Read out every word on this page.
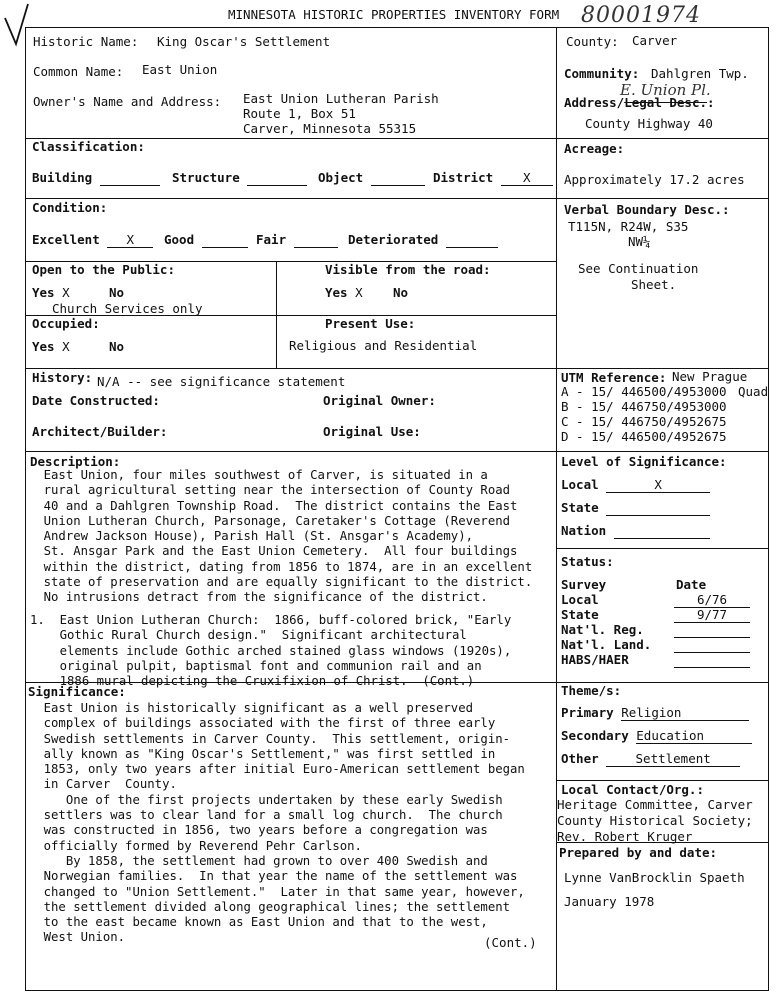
MINNESOTA HISTORIC PROPERTIES INVENTORY FORM 80001974
Historic Name: King Oscar's Settlement
Common Name: East Union
Owner's Name and Address: East Union Lutheran Parish
Route 1, Box 51
Carver, Minnesota 55315
County: Carver
Community: Dahlgren Twp.
E. Union Pl.
Address/Legal Desc.:
County Highway 40
Classification:
Building	Structure	Object	District X
Acreage:
Approximately 17.2 acres
Condition:
Excellent X	Good	Fair	Deteriorated
Verbal Boundary Desc.:
T115N, R24W, S35
NW¼
See Continuation
Sheet.
Open to the Public:
Yes X	No
Church Services only
Visible from the road:
Yes X No
Occupied:
Yes X	No
Present Use:
Religious and Residential
History: N/A -- see significance statement
Date Constructed:	Original Owner:
Architect/Builder:	Original Use:
UTM Reference: New Prague
Quad
A - 15/ 446500/4953000
B - 15/ 446750/4953000
C - 15/ 446750/4952675
D - 15/ 446500/4952675
Description:
East Union, four miles southwest of Carver, is situated in a
rural agricultural setting near the intersection of County Road
40 and a Dahlgren Township Road.  The district contains the East
Union Lutheran Church, Parsonage, Caretaker's Cottage (Reverend
Andrew Jackson House), Parish Hall (St. Ansgar's Academy),
St. Ansgar Park and the East Union Cemetery.  All four buildings
within the district, dating from 1856 to 1874, are in an excellent
state of preservation and are equally significant to the district.
No intrusions detract from the significance of the district.
1.  East Union Lutheran Church:  1866, buff-colored brick, "Early
Gothic Rural Church design."  Significant architectural
elements include Gothic arched stained glass windows (1920s),
original pulpit, baptismal font and communion rail and an
1886 mural depicting the Cruxifixion of Christ.  (Cont.)
Level of Significance:
Local	X
State
Nation
Status:
Survey	Date
Local	6/76
State	9/77
Nat'l. Reg.

Nat'l. Land.

HABS/HAER

Significance:
East Union is historically significant as a well preserved
complex of buildings associated with the first of three early
Swedish settlements in Carver County.  This settlement, origin-
ally known as "King Oscar's Settlement," was first settled in
1853, only two years after initial Euro-American settlement began
in Carver  County.
One of the first projects undertaken by these early Swedish
settlers was to clear land for a small log church.  The church
was constructed in 1856, two years before a congregation was
officially formed by Reverend Pehr Carlson.
By 1858, the settlement had grown to over 400 Swedish and
Norwegian families.  In that year the name of the settlement was
changed to "Union Settlement."  Later in that same year, however,
the settlement divided along geographical lines; the settlement
to the east became known as East Union and that to the west,
West Union.	(Cont.)
Theme/s:
Primary Religion
Secondary Education
Other	Settlement
Local Contact/Org.:
Heritage Committee, Carver
County Historical Society;
Rev. Robert Kruger
Prepared by and date:
Lynne VanBrocklin Spaeth
January 1978
